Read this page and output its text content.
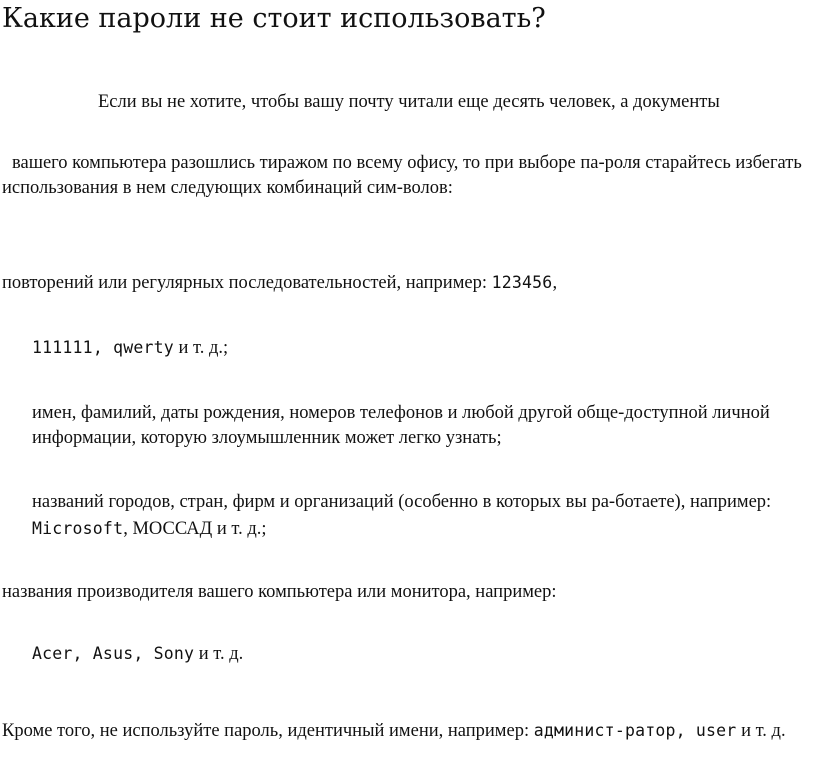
Какие пароли не стоит использовать?

Если вы не хотите, чтобы вашу почту читали еще десять человек, а документы

вашего компьютера разошлись тиражом по всему офису, то при выборе па-роля старайтесь избегать

использования в нем следующих комбинаций сим-волов:

повторений или регулярных последовательностей, например: 123456,

111111, qwerty и т. д.;

имен, фамилий, даты рождения, номеров телефонов и любой другой обще-доступной личной

информации, которую злоумышленник может легко узнать;

названий городов, стран, фирм и организаций (особенно в которых вы ра-ботаете), например:

Microsoft, МОССАД и т. д.;

названия производителя вашего компьютера или монитора, например:

Acer, Asus, Sony и т. д.

Кроме того, не используйте пароль, идентичный имени, например: админист-ратор, user и т. д.
